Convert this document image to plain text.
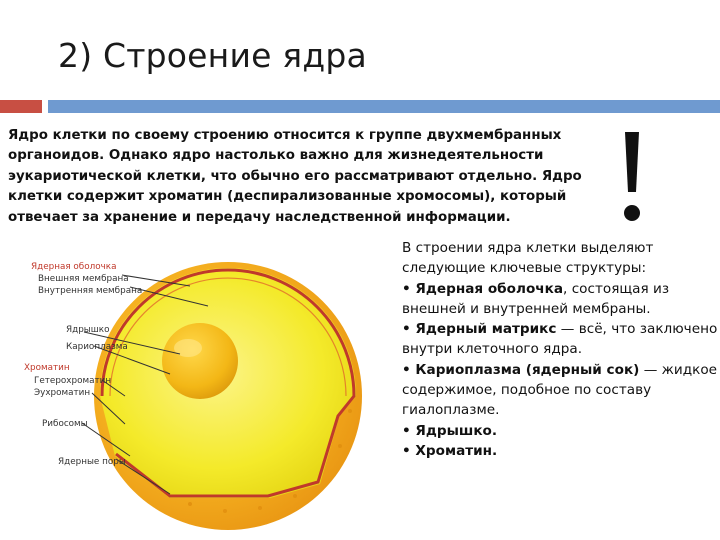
2) Строение ядра

Ядро клетки по своему строению относится к группе двухмембранных органоидов. Однако ядро настолько важно для жизнедеятельности эукариотической клетки, что обычно его рассматривают отдельно. Ядро клетки содержит хроматин (деспирализованные хромосомы), который отвечает за хранение и передачу наследственной информации.

Ядерная оболочка
Внешняя мембрана
Внутренняя мембрана
Ядрышко
Кариоплазма
Хроматин
Гетерохроматин
Эухроматин
Рибосомы
Ядерные поры

В строении ядра клетки выделяют следующие ключевые структуры:

• Ядерная оболочка, состоящая из внешней и внутренней мембраны.
• Ядерный матрикс — всё, что заключено внутри клеточного ядра.
• Кариоплазма (ядерный сок) — жидкое содержимое, подобное по составу гиалоплазме.
• Ядрышко.
• Хроматин.
